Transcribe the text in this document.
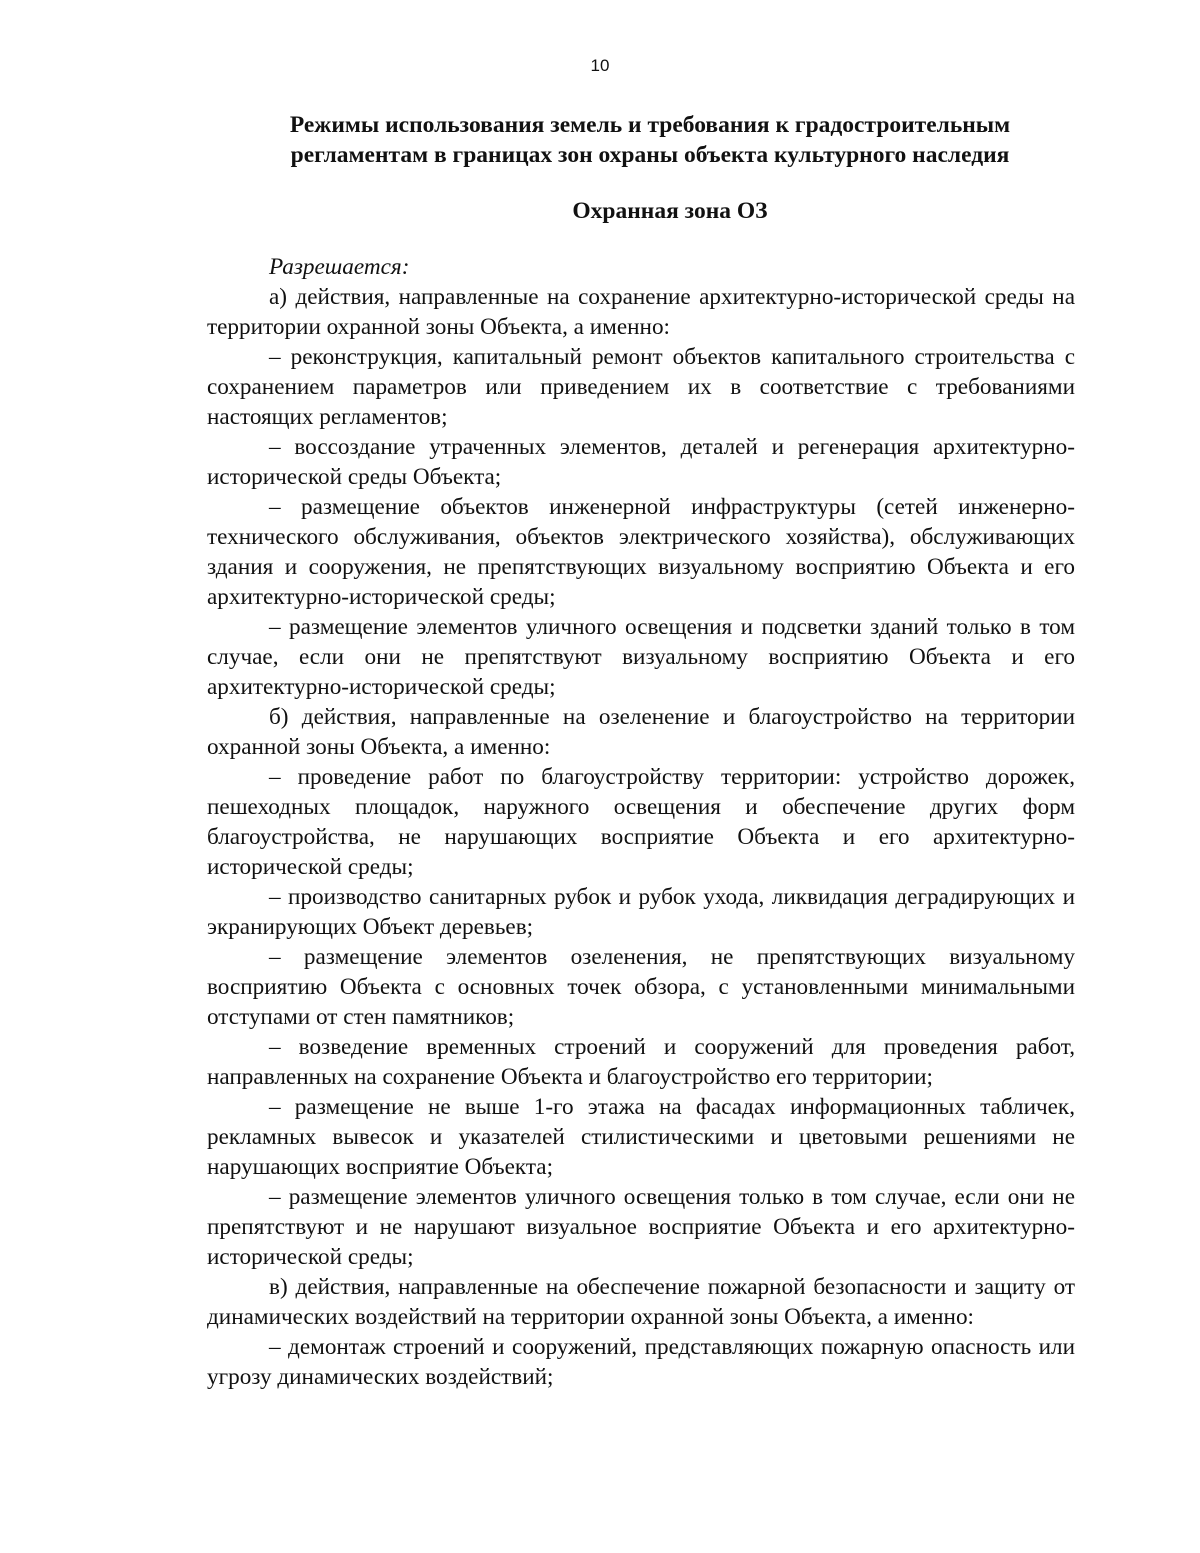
10
Режимы использования земель и требования к градостроительным
регламентам в границах зон охраны объекта культурного наследия
Охранная зона ОЗ

Разрешается:

а) действия, направленные на сохранение архитектурно-исторической среды на территории охранной зоны Объекта, а именно:

– реконструкция, капитальный ремонт объектов капитального строительства с сохранением параметров или приведением их в соответствие с требованиями настоящих регламентов;

– воссоздание утраченных элементов, деталей и регенерация архитектурно-исторической среды Объекта;

– размещение объектов инженерной инфраструктуры (сетей инженерно-технического обслуживания, объектов электрического хозяйства), обслуживающих здания и сооружения, не препятствующих визуальному восприятию Объекта и его архитектурно-исторической среды;

– размещение элементов уличного освещения и подсветки зданий только в том случае, если они не препятствуют визуальному восприятию Объекта и его архитектурно-исторической среды;

б) действия, направленные на озеленение и благоустройство на территории охранной зоны Объекта, а именно:

– проведение работ по благоустройству территории: устройство дорожек, пешеходных площадок, наружного освещения и обеспечение других форм благоустройства, не нарушающих восприятие Объекта и его архитектурно-исторической среды;

– производство санитарных рубок и рубок ухода, ликвидация деградирующих и экранирующих Объект деревьев;

– размещение элементов озеленения, не препятствующих визуальному восприятию Объекта с основных точек обзора, с установленными минимальными отступами от стен памятников;

– возведение временных строений и сооружений для проведения работ, направленных на сохранение Объекта и благоустройство его территории;

– размещение не выше 1-го этажа на фасадах информационных табличек, рекламных вывесок и указателей стилистическими и цветовыми решениями не нарушающих восприятие Объекта;

– размещение элементов уличного освещения только в том случае, если они не препятствуют и не нарушают визуальное восприятие Объекта и его архитектурно-исторической среды;

в) действия, направленные на обеспечение пожарной безопасности и защиту от динамических воздействий на территории охранной зоны Объекта, а именно:

– демонтаж строений и сооружений, представляющих пожарную опасность или угрозу динамических воздействий;
